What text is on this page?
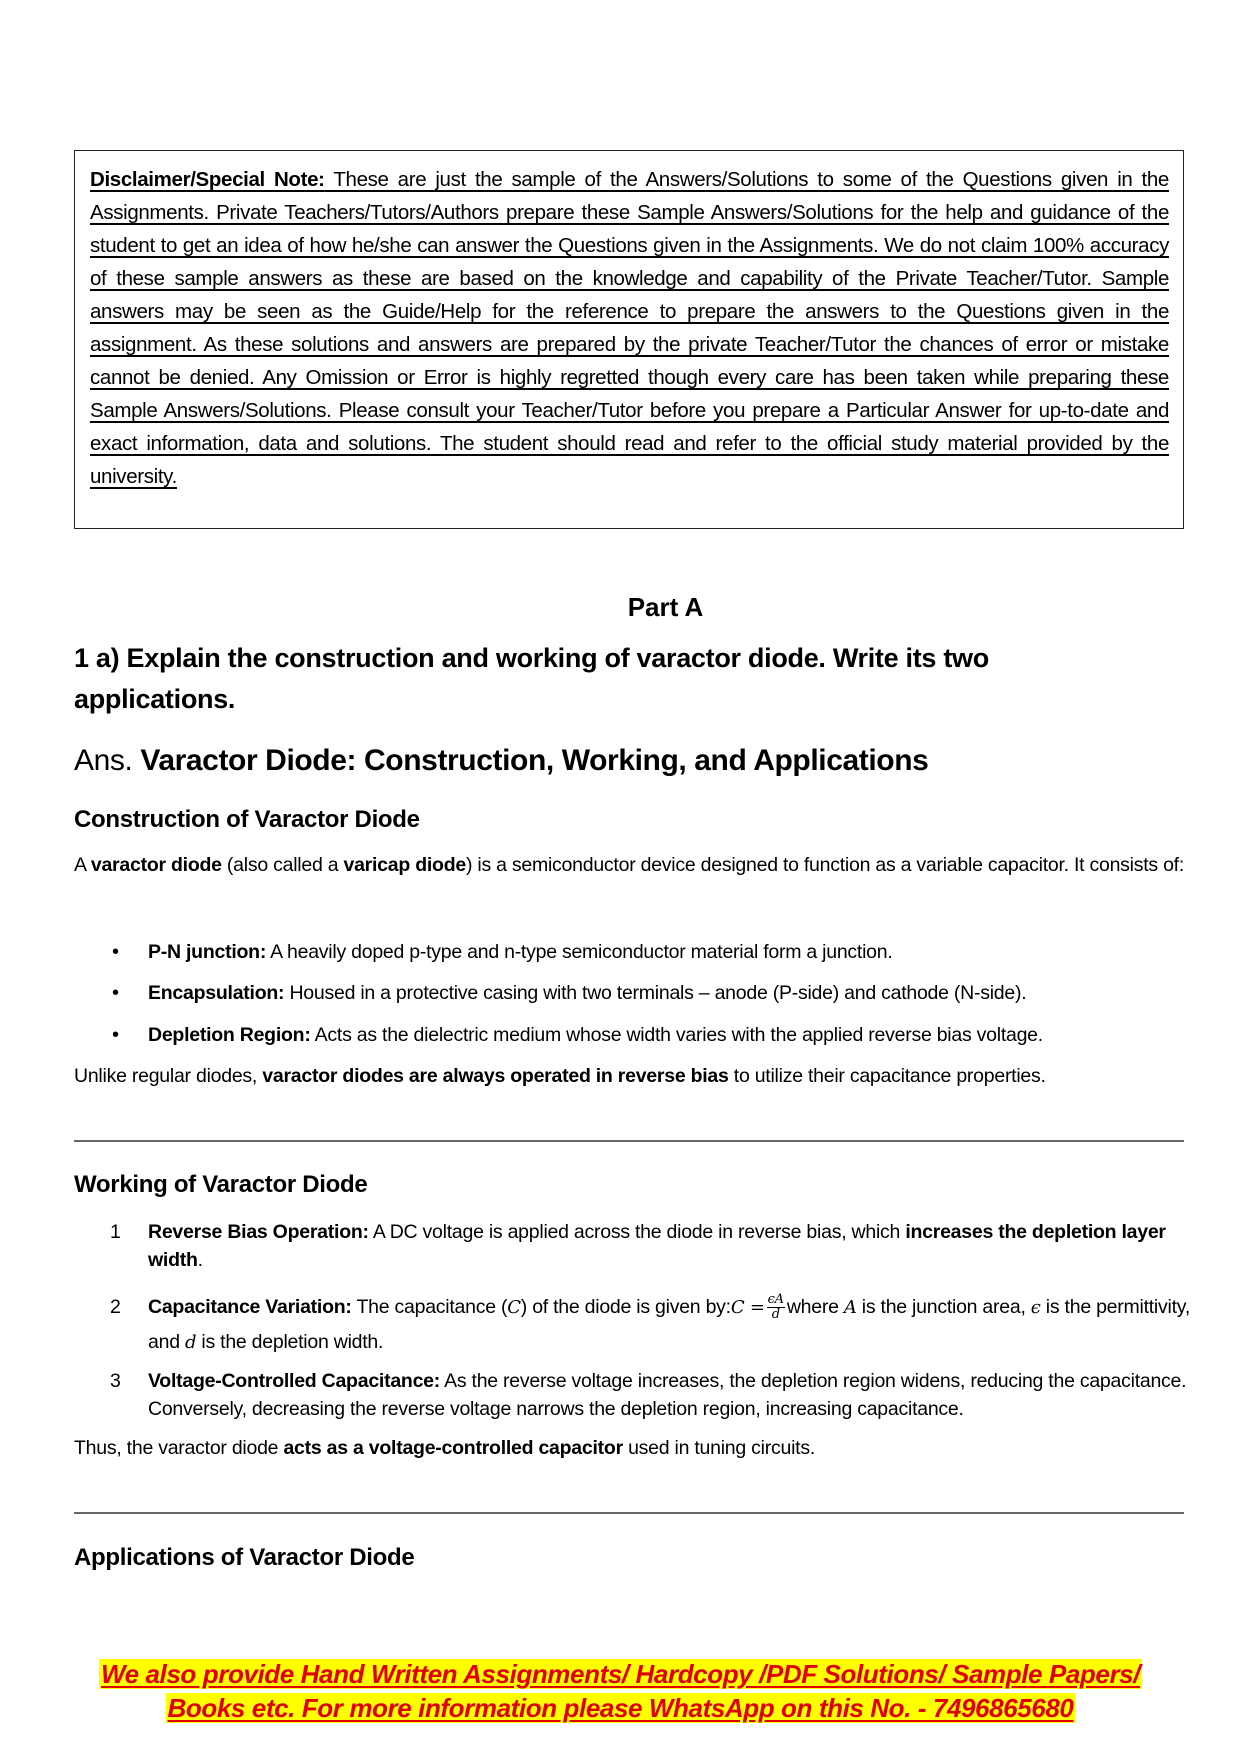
Disclaimer/Special Note: These are just the sample of the Answers/Solutions to some of the Questions given in the Assignments. Private Teachers/Tutors/Authors prepare these Sample Answers/Solutions for the help and guidance of the student to get an idea of how he/she can answer the Questions given in the Assignments. We do not claim 100% accuracy of these sample answers as these are based on the knowledge and capability of the Private Teacher/Tutor. Sample answers may be seen as the Guide/Help for the reference to prepare the answers to the Questions given in the assignment. As these solutions and answers are prepared by the private Teacher/Tutor the chances of error or mistake cannot be denied. Any Omission or Error is highly regretted though every care has been taken while preparing these Sample Answers/Solutions. Please consult your Teacher/Tutor before you prepare a Particular Answer for up-to-date and exact information, data and solutions. The student should read and refer to the official study material provided by the university.

Part A
1 a) Explain the construction and working of varactor diode. Write its two applications.
Ans. Varactor Diode: Construction, Working, and Applications
Construction of Varactor Diode
A varactor diode (also called a varicap diode) is a semiconductor device designed to function as a variable capacitor. It consists of:
• P-N junction: A heavily doped p-type and n-type semiconductor material form a junction.
• Encapsulation: Housed in a protective casing with two terminals – anode (P-side) and cathode (N-side).
• Depletion Region: Acts as the dielectric medium whose width varies with the applied reverse bias voltage.
Unlike regular diodes, varactor diodes are always operated in reverse bias to utilize their capacitance properties.
Working of Varactor Diode
1 Reverse Bias Operation: A DC voltage is applied across the diode in reverse bias, which increases the depletion layer width.
2 Capacitance Variation: The capacitance (C) of the diode is given by:C = $\frac{\epsilon A}{d}$ where A is the junction area, ϵ is the permittivity, and d is the depletion width.
3 Voltage-Controlled Capacitance: As the reverse voltage increases, the depletion region widens, reducing the capacitance. Conversely, decreasing the reverse voltage narrows the depletion region, increasing capacitance.
Thus, the varactor diode acts as a voltage-controlled capacitor used in tuning circuits.
Applications of Varactor Diode
We also provide Hand Written Assignments/ Hardcopy /PDF Solutions/ Sample Papers/
Books etc. For more information please WhatsApp on this No. - 7496865680
